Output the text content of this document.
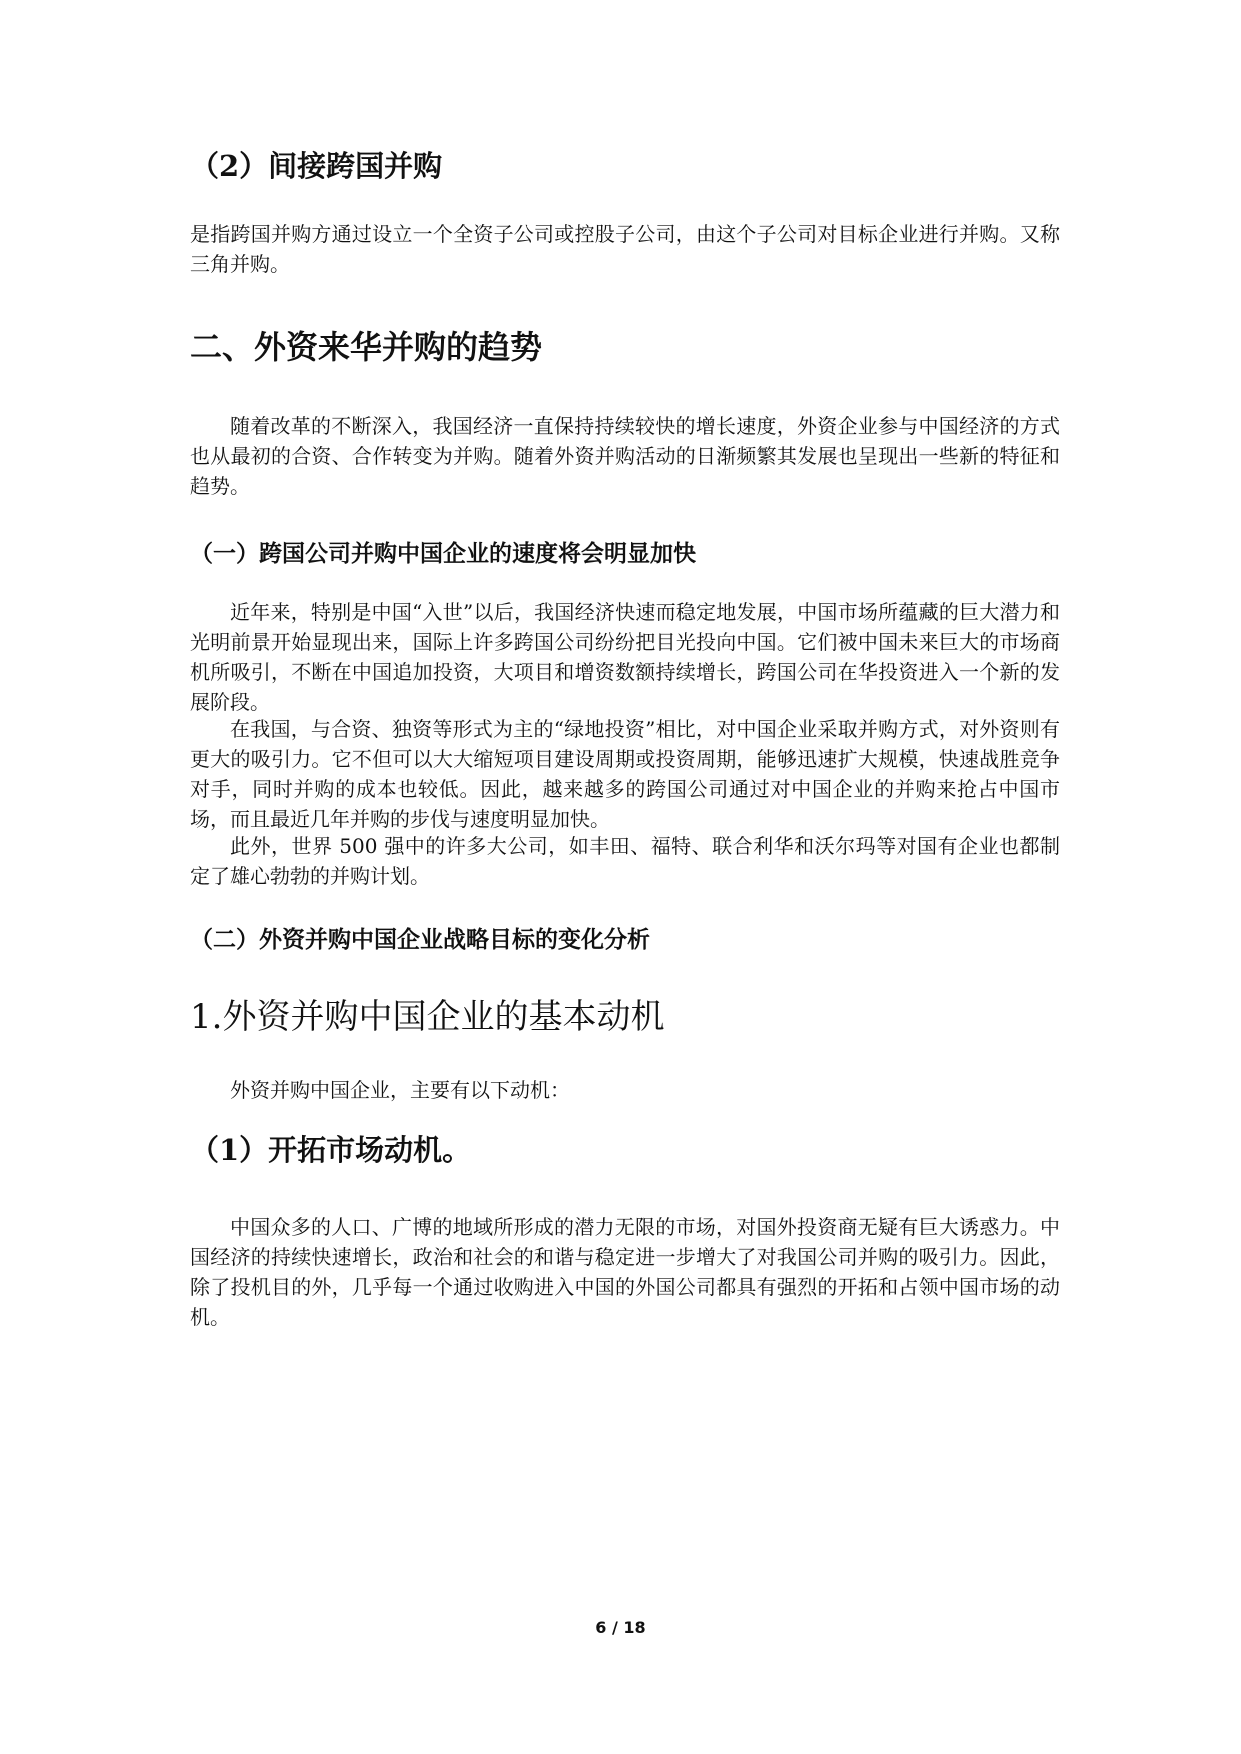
（2）间接跨国并购

是指跨国并购方通过设立一个全资子公司或控股子公司，由这个子公司对目标企业进行并购。又称三角并购。

二、外资来华并购的趋势

随着改革的不断深入，我国经济一直保持持续较快的增长速度，外资企业参与中国经济的方式也从最初的合资、合作转变为并购。随着外资并购活动的日渐频繁其发展也呈现出一些新的特征和趋势。

（一）跨国公司并购中国企业的速度将会明显加快

近年来，特别是中国“入世”以后，我国经济快速而稳定地发展，中国市场所蕴藏的巨大潜力和光明前景开始显现出来，国际上许多跨国公司纷纷把目光投向中国。它们被中国未来巨大的市场商机所吸引，不断在中国追加投资，大项目和增资数额持续增长，跨国公司在华投资进入一个新的发展阶段。

在我国，与合资、独资等形式为主的“绿地投资”相比，对中国企业采取并购方式，对外资则有更大的吸引力。它不但可以大大缩短项目建设周期或投资周期，能够迅速扩大规模，快速战胜竞争对手，同时并购的成本也较低。因此，越来越多的跨国公司通过对中国企业的并购来抢占中国市场，而且最近几年并购的步伐与速度明显加快。

此外，世界 500 强中的许多大公司，如丰田、福特、联合利华和沃尔玛等对国有企业也都制定了雄心勃勃的并购计划。

（二）外资并购中国企业战略目标的变化分析
1.外资并购中国企业的基本动机

外资并购中国企业，主要有以下动机：

（1）开拓市场动机。

中国众多的人口、广博的地域所形成的潜力无限的市场，对国外投资商无疑有巨大诱惑力。中国经济的持续快速增长，政治和社会的和谐与稳定进一步增大了对我国公司并购的吸引力。因此，除了投机目的外，几乎每一个通过收购进入中国的外国公司都具有强烈的开拓和占领中国市场的动机。

6 / 18
